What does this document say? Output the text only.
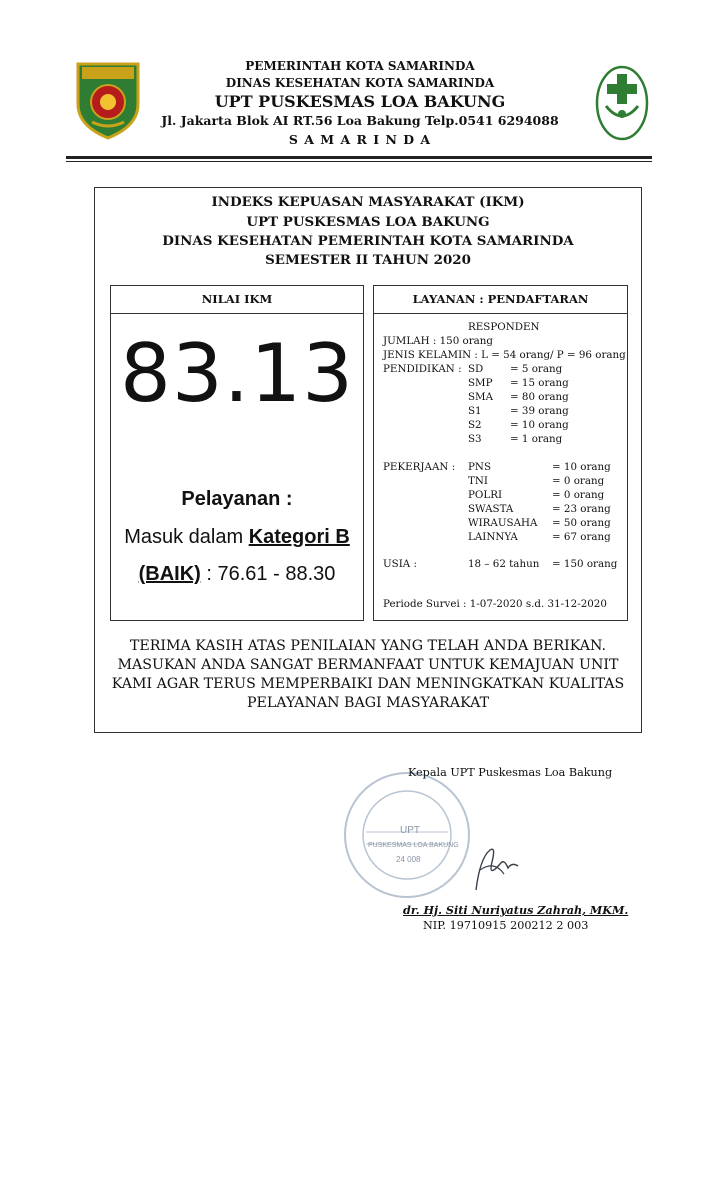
PEMERINTAH KOTA SAMARINDA
DINAS KESEHATAN KOTA SAMARINDA
UPT PUSKESMAS LOA BAKUNG
Jl. Jakarta Blok AI RT.56 Loa Bakung Telp.0541 6294088
S A M A R I N D A
INDEKS KEPUASAN MASYARAKAT (IKM)
UPT PUSKESMAS LOA BAKUNG
DINAS KESEHATAN PEMERINTAH KOTA SAMARINDA
SEMESTER II TAHUN 2020
NILAI IKM
83.13
Pelayanan :
Masuk dalam Kategori B
(BAIK) : 76.61 - 88.30
LAYANAN : PENDAFTARAN
RESPONDEN
JUMLAH : 150 orang
JENIS KELAMIN : L = 54 orang/ P = 96 orang
PENDIDIKAN : SD	= 5 orang
SMP = 15 orang
SMA = 80 orang
S1	= 39 orang
S2	= 10 orang
S3	= 1 orang
PEKERJAAN : PNS	= 10 orang
TNI	= 0 orang
POLRI	= 0 orang
SWASTA	= 23 orang
WIRAUSAHA = 50 orang
LAINNYA	= 67 orang
USIA :	18 – 62 tahun = 150 orang
Periode Survei : 1-07-2020 s.d. 31-12-2020
TERIMA KASIH ATAS PENILAIAN YANG TELAH ANDA BERIKAN.
MASUKAN ANDA SANGAT BERMANFAAT UNTUK KEMAJUAN UNIT
KAMI AGAR TERUS MEMPERBAIKI DAN MENINGKATKAN KUALITAS
PELAYANAN BAGI MASYARAKAT
UPT
PUSKESMAS LOA BAKUNG
24 008
Kepala UPT Puskesmas Loa Bakung
dr. Hj. Siti Nuriyatus Zahrah, MKM.
NIP. 19710915 200212 2 003
